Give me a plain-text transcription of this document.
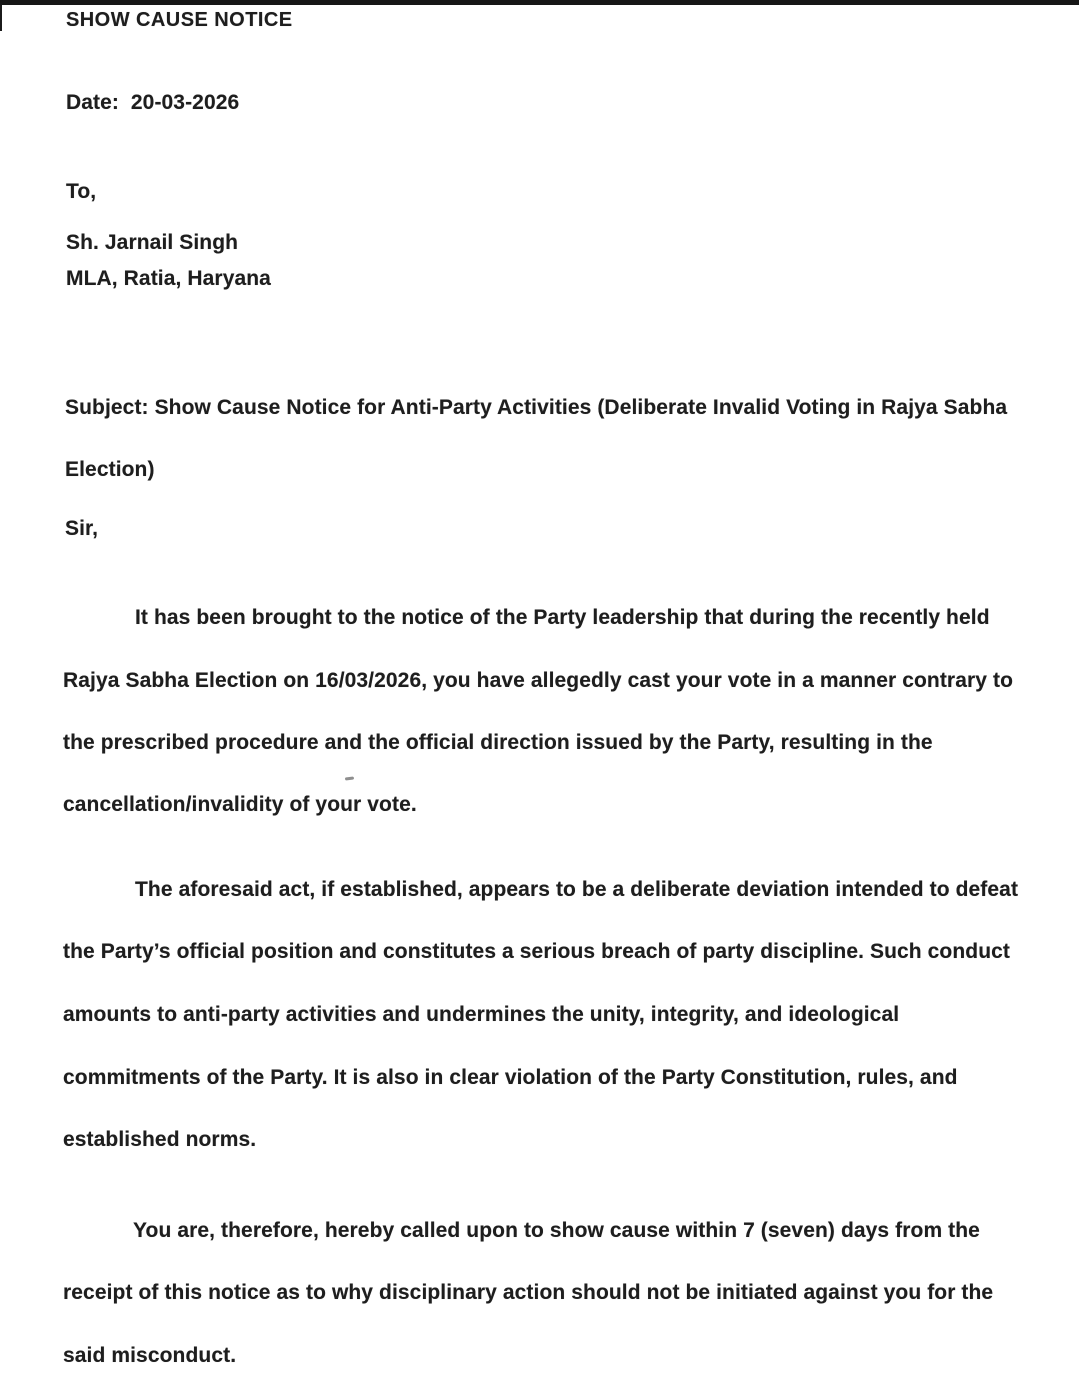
SHOW CAUSE NOTICE
Date:  20-03-2026
To,
Sh. Jarnail Singh
MLA, Ratia, Haryana
Subject: Show Cause Notice for Anti-Party Activities (Deliberate Invalid Voting in Rajya Sabha
Election)
Sir,
It has been brought to the notice of the Party leadership that during the recently held
Rajya Sabha Election on 16/03/2026, you have allegedly cast your vote in a manner contrary to
the prescribed procedure and the official direction issued by the Party, resulting in the
cancellation/invalidity of your vote.
The aforesaid act, if established, appears to be a deliberate deviation intended to defeat
the Party’s official position and constitutes a serious breach of party discipline. Such conduct
amounts to anti-party activities and undermines the unity, integrity, and ideological
commitments of the Party. It is also in clear violation of the Party Constitution, rules, and
established norms.
You are, therefore, hereby called upon to show cause within 7 (seven) days from the
receipt of this notice as to why disciplinary action should not be initiated against you for the
said misconduct.
